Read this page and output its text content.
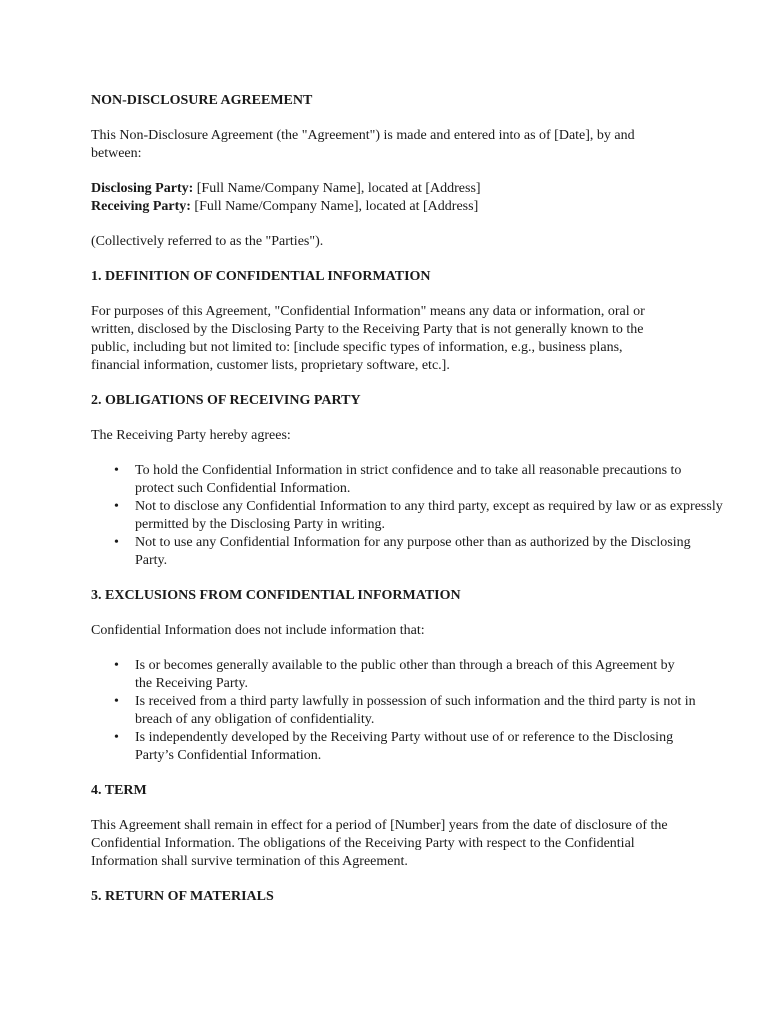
NON-DISCLOSURE AGREEMENT

This Non-Disclosure Agreement (the "Agreement") is made and entered into as of [Date], by and between:

Disclosing Party: [Full Name/Company Name], located at [Address]

Receiving Party: [Full Name/Company Name], located at [Address]

(Collectively referred to as the "Parties").

1. DEFINITION OF CONFIDENTIAL INFORMATION

For purposes of this Agreement, "Confidential Information" means any data or information, oral or written, disclosed by the Disclosing Party to the Receiving Party that is not generally known to the public, including but not limited to: [include specific types of information, e.g., business plans, financial information, customer lists, proprietary software, etc.].

2. OBLIGATIONS OF RECEIVING PARTY

The Receiving Party hereby agrees:

• To hold the Confidential Information in strict confidence and to take all reasonable precautions to protect such Confidential Information.
• Not to disclose any Confidential Information to any third party, except as required by law or as expressly permitted by the Disclosing Party in writing.
• Not to use any Confidential Information for any purpose other than as authorized by the Disclosing Party.

3. EXCLUSIONS FROM CONFIDENTIAL INFORMATION

Confidential Information does not include information that:

• Is or becomes generally available to the public other than through a breach of this Agreement by the Receiving Party.
• Is received from a third party lawfully in possession of such information and the third party is not in breach of any obligation of confidentiality.
• Is independently developed by the Receiving Party without use of or reference to the Disclosing Party’s Confidential Information.

4. TERM

This Agreement shall remain in effect for a period of [Number] years from the date of disclosure of the Confidential Information. The obligations of the Receiving Party with respect to the Confidential Information shall survive termination of this Agreement.

5. RETURN OF MATERIALS
